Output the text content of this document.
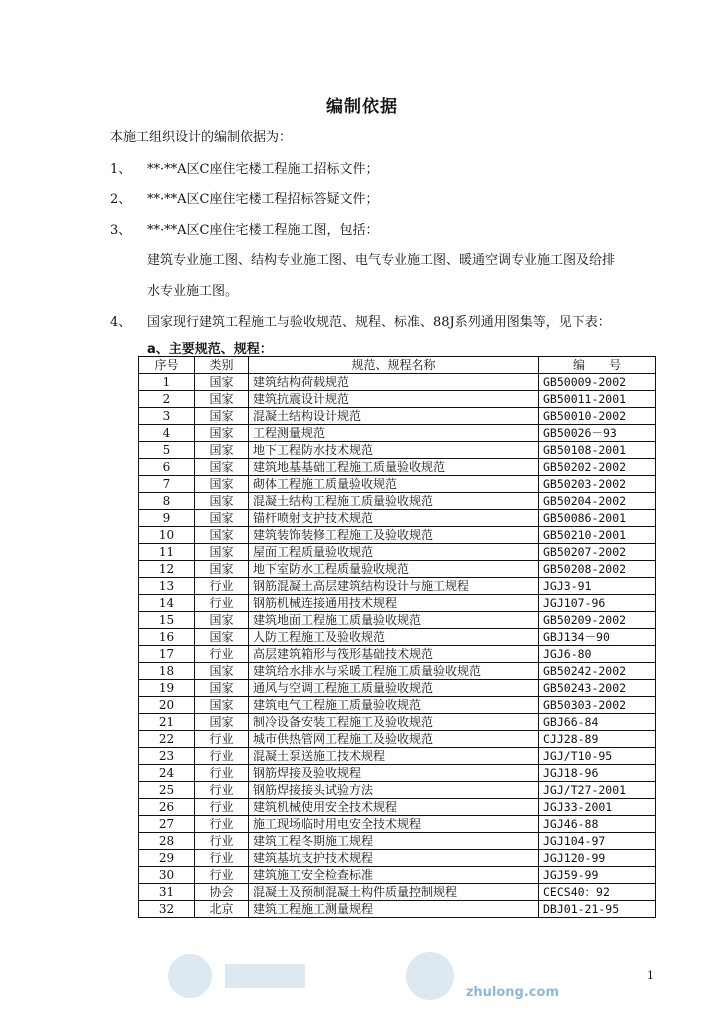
编制依据
本施工组织设计的编制依据为：
1、 **·**A区C座住宅楼工程施工招标文件；
2、 **·**A区C座住宅楼工程招标答疑文件；
3、 **·**A区C座住宅楼工程施工图，包括：
建筑专业施工图、结构专业施工图、电气专业施工图、暖通空调专业施工图及给排
水专业施工图。
4、 国家现行建筑工程施工与验收规范、规程、标准、88J系列通用图集等，见下表：
a、主要规范、规程：
序号	类别	规范、规程名称	编　　号
1	国家	建筑结构荷载规范	GB50009-2002
2	国家	建筑抗震设计规范	GB50011-2001
3	国家	混凝土结构设计规范	GB50010-2002
4	国家	工程测量规范	GB50026－93
5	国家	地下工程防水技术规范	GB50108-2001
6	国家	建筑地基基础工程施工质量验收规范	GB50202-2002
7	国家	砌体工程施工质量验收规范	GB50203-2002
8	国家	混凝土结构工程施工质量验收规范	GB50204-2002
9	国家	锚杆喷射支护技术规范	GB50086-2001
10	国家	建筑装饰装修工程施工及验收规范	GB50210-2001
11	国家	屋面工程质量验收规范	GB50207-2002
12	国家	地下室防水工程质量验收规范	GB50208-2002
13	行业	钢筋混凝土高层建筑结构设计与施工规程	JGJ3-91
14	行业	钢筋机械连接通用技术规程	JGJ107-96
15	国家	建筑地面工程施工质量验收规范	GB50209-2002
16	国家	人防工程施工及验收规范	GBJ134－90
17	行业	高层建筑箱形与筏形基础技术规范	JGJ6-80
18	国家	建筑给水排水与采暖工程施工质量验收规范	GB50242-2002
19	国家	通风与空调工程施工质量验收规范	GB50243-2002
20	国家	建筑电气工程施工质量验收规范	GB50303-2002
21	国家	制冷设备安装工程施工及验收规范	GBJ66-84
22	行业	城市供热管网工程施工及验收规范	CJJ28-89
23	行业	混凝土泵送施工技术规程	JGJ/T10-95
24	行业	钢筋焊接及验收规程	JGJ18-96
25	行业	钢筋焊接接头试验方法	JGJ/T27-2001
26	行业	建筑机械使用安全技术规程	JGJ33-2001
27	行业	施工现场临时用电安全技术规程	JGJ46-88
28	行业	建筑工程冬期施工规程	JGJ104-97
29	行业	建筑基坑支护技术规程	JGJ120-99
30	行业	建筑施工安全检查标准	JGJ59-99
31	协会	混凝土及预制混凝土构件质量控制规程	CECS40：92
32	北京	建筑工程施工测量规程	DBJ01-21-95
1
zhulong.com
